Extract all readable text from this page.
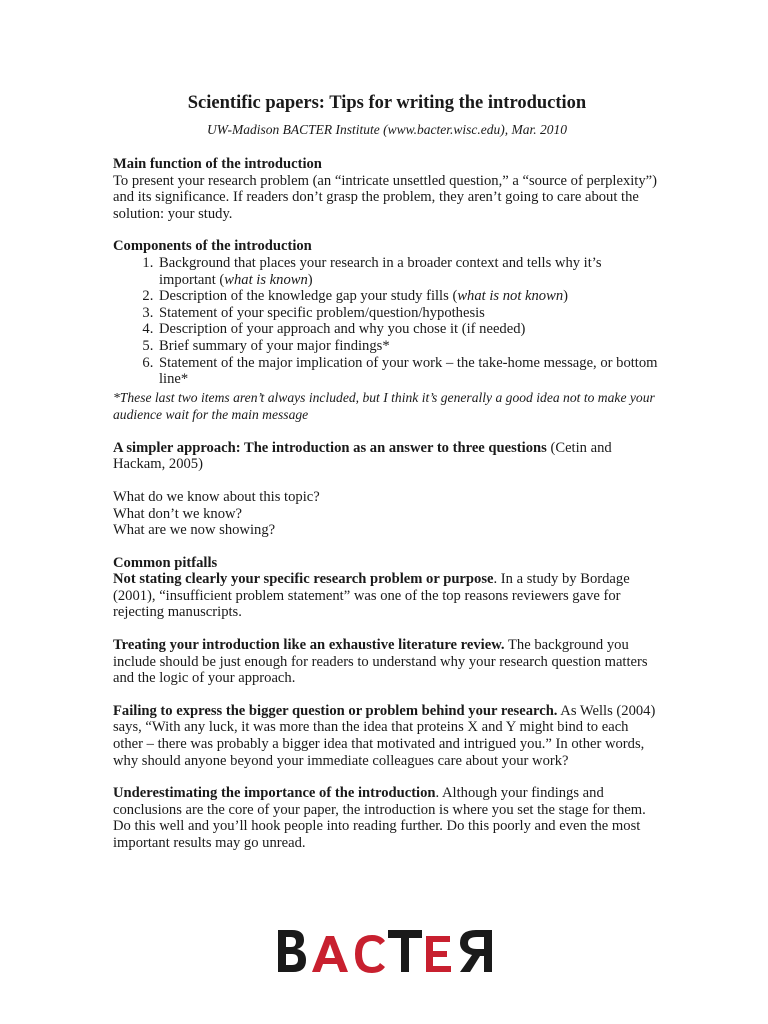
Scientific papers: Tips for writing the introduction
UW-Madison BACTER Institute (www.bacter.wisc.edu), Mar. 2010
Main function of the introduction
To present your research problem (an “intricate unsettled question,” a “source of perplexity”) and its significance. If readers don’t grasp the problem, they aren’t going to care about the solution: your study.
Components of the introduction
1. Background that places your research in a broader context and tells why it’s important (what is known)
2. Description of the knowledge gap your study fills (what is not known)
3. Statement of your specific problem/question/hypothesis
4. Description of your approach and why you chose it (if needed)
5. Brief summary of your major findings*
6. Statement of the major implication of your work – the take-home message, or bottom line*
*These last two items aren’t always included, but I think it’s generally a good idea not to make your audience wait for the main message
A simpler approach: The introduction as an answer to three questions (Cetin and Hackam, 2005)
What do we know about this topic?
What don’t we know?
What are we now showing?
Common pitfalls
Not stating clearly your specific research problem or purpose. In a study by Bordage (2001), “insufficient problem statement” was one of the top reasons reviewers gave for rejecting manuscripts.
Treating your introduction like an exhaustive literature review. The background you include should be just enough for readers to understand why your research question matters and the logic of your approach.
Failing to express the bigger question or problem behind your research. As Wells (2004) says, “With any luck, it was more than the idea that proteins X and Y might bind to each other – there was probably a bigger idea that motivated and intrigued you.” In other words, why should anyone beyond your immediate colleagues care about your work?
Underestimating the importance of the introduction. Although your findings and conclusions are the core of your paper, the introduction is where you set the stage for them. Do this well and you’ll hook people into reading further. Do this poorly and even the most important results may go unread.
